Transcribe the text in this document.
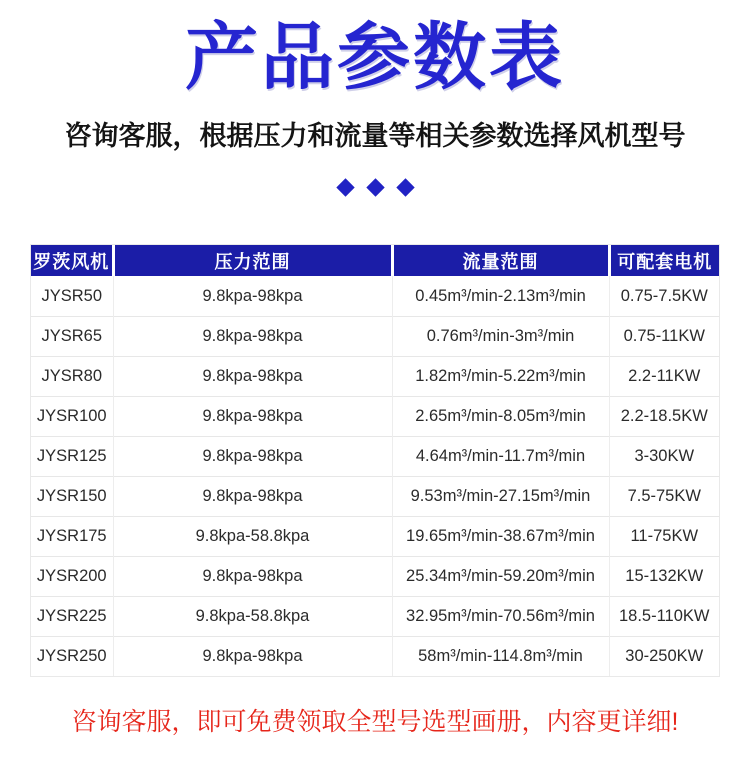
产品参数表
咨询客服，根据压力和流量等相关参数选择风机型号
罗茨风机	压力范围	流量范围	可配套电机
JYSR50	9.8kpa-98kpa	0.45m³/min-2.13m³/min	0.75-7.5KW
JYSR65	9.8kpa-98kpa	0.76m³/min-3m³/min	0.75-11KW
JYSR80	9.8kpa-98kpa	1.82m³/min-5.22m³/min	2.2-11KW
JYSR100	9.8kpa-98kpa	2.65m³/min-8.05m³/min	2.2-18.5KW
JYSR125	9.8kpa-98kpa	4.64m³/min-11.7m³/min	3-30KW
JYSR150	9.8kpa-98kpa	9.53m³/min-27.15m³/min	7.5-75KW
JYSR175	9.8kpa-58.8kpa	19.65m³/min-38.67m³/min	11-75KW
JYSR200	9.8kpa-98kpa	25.34m³/min-59.20m³/min	15-132KW
JYSR225	9.8kpa-58.8kpa	32.95m³/min-70.56m³/min	18.5-110KW
JYSR250	9.8kpa-98kpa	58m³/min-114.8m³/min	30-250KW
咨询客服，即可免费领取全型号选型画册，内容更详细!
